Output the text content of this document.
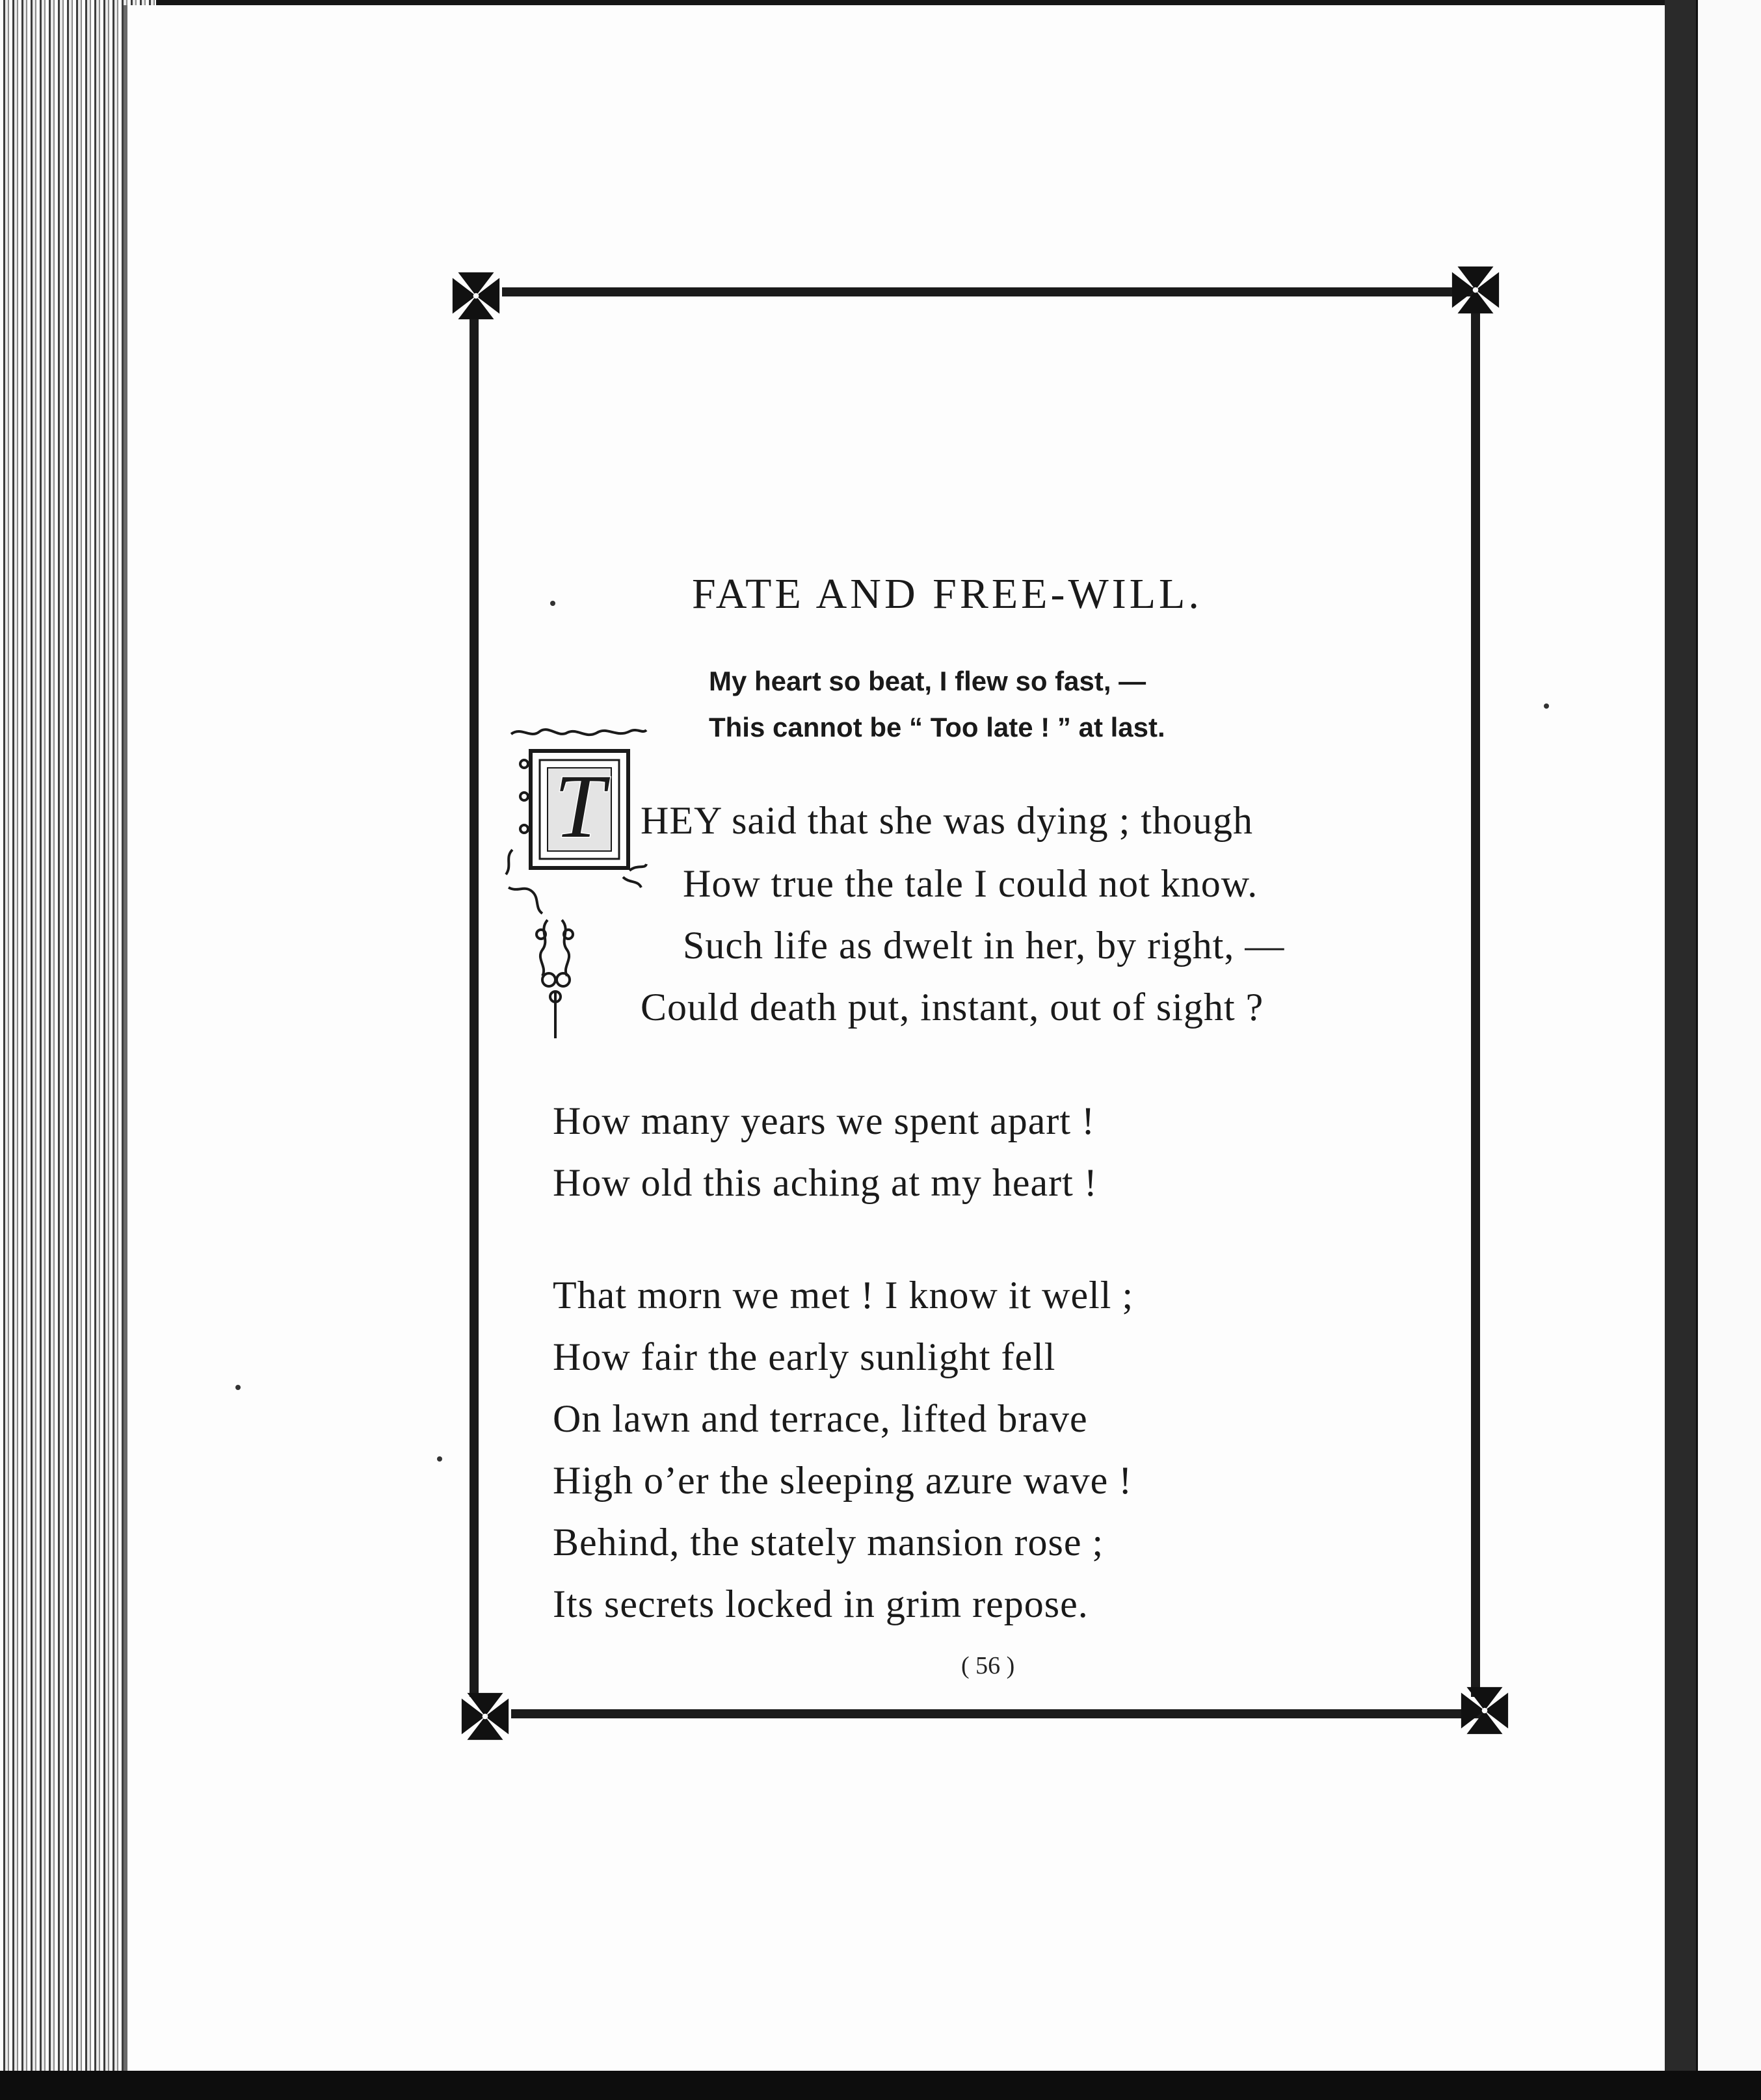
FATE AND FREE-WILL.
My heart so beat, I flew so fast, —
This cannot be “ Too late ! ” at last.
T HEY said that she was dying ; though
How true the tale I could not know.
Such life as dwelt in her, by right, —
Could death put, instant, out of sight ?
How many years we spent apart !
How old this aching at my heart !
That morn we met ! I know it well ;
How fair the early sunlight fell
On lawn and terrace, lifted brave
High o’er the sleeping azure wave !
Behind, the stately mansion rose ;
Its secrets locked in grim repose.
( 56 )
